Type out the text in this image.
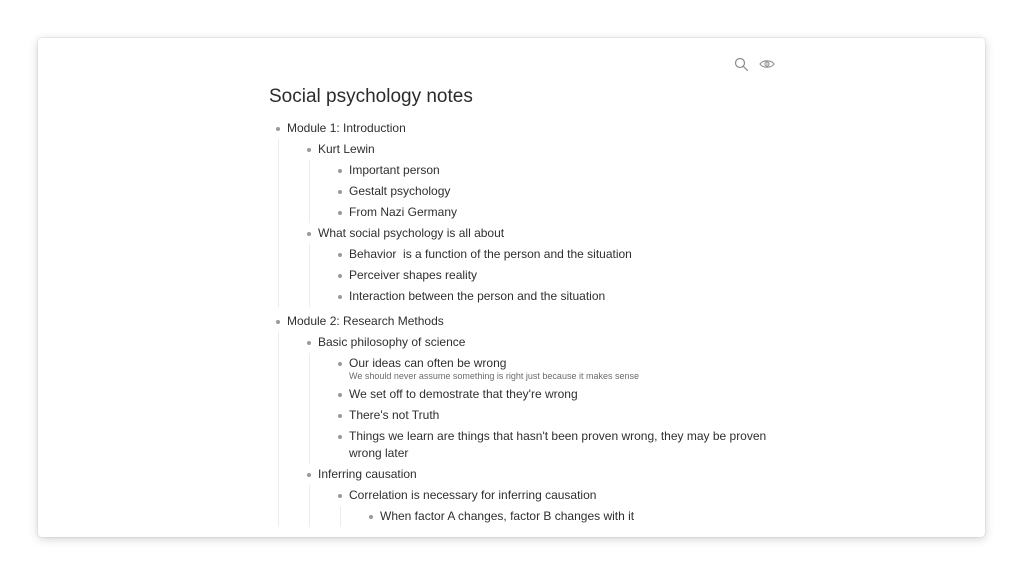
Social psychology notes
Module 1: Introduction
Kurt Lewin
Important person
Gestalt psychology
From Nazi Germany
What social psychology is all about
Behavior  is a function of the person and the situation
Perceiver shapes reality
Interaction between the person and the situation
Module 2: Research Methods
Basic philosophy of science
Our ideas can often be wrong
We should never assume something is right just because it makes sense
We set off to demostrate that they're wrong
There's not Truth
Things we learn are things that hasn't been proven wrong, they may be proven wrong later
Inferring causation
Correlation is necessary for inferring causation
When factor A changes, factor B changes with it
